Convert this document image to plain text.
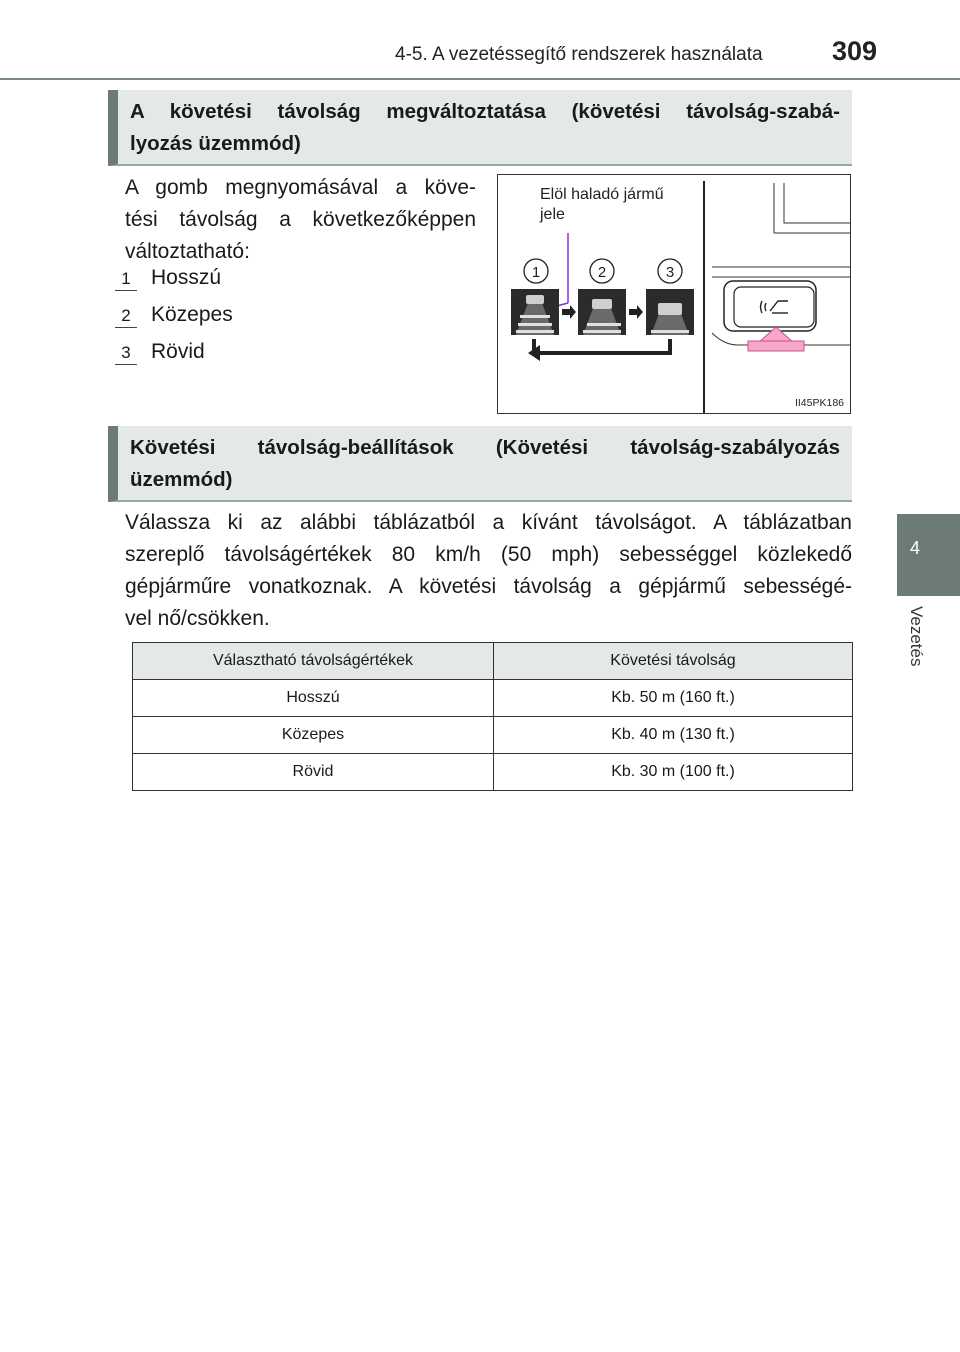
4-5. A vezetéssegítő rendszerek használata	309
4
Vezetés
A követési távolság megváltoztatása (követési távolság-szabá-
lyozás üzemmód)
A gomb megnyomásával a köve-
tési távolság a következőképpen
változtatható:
1 Hosszú
2 Közepes
3 Rövid
Elöl haladó jármű
jele
1	2	3
II45PK186
Követési távolság-beállítások (Követési távolság-szabályozás
üzemmód)
Válassza ki az alábbi táblázatból a kívánt távolságot. A táblázatban
szereplő távolságértékek 80 km/h (50 mph) sebességgel közlekedő
gépjárműre vonatkoznak. A követési távolság a gépjármű sebességé-
vel nő/csökken.
Választható távolságértékek	Követési távolság
Hosszú	Kb. 50 m (160 ft.)
Közepes	Kb. 40 m (130 ft.)
Rövid	Kb. 30 m (100 ft.)
